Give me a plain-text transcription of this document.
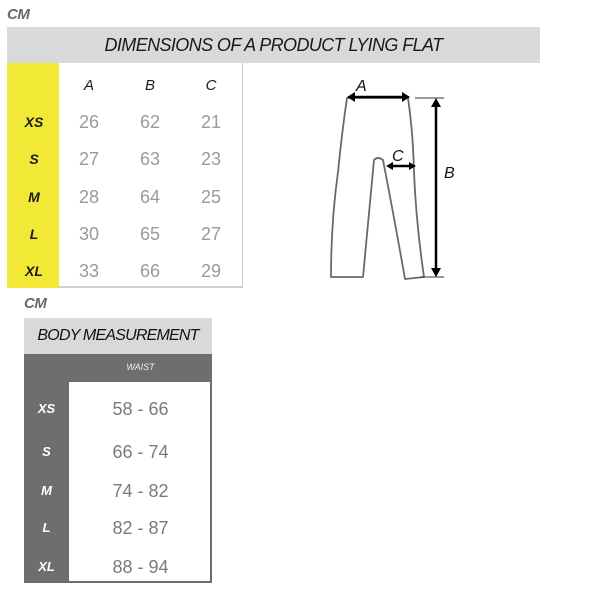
CM
DIMENSIONS OF A PRODUCT LYING FLAT
A	B	C
XS	26	62	21
S	27	63	23
M	28	64	25
L	30	65	27
XL	33	66	29
A
C
B
CM
BODY MEASUREMENT
WAIST
XS	58 - 66
S	66 - 74
M	74 - 82
L	82 - 87
XL	88 - 94
